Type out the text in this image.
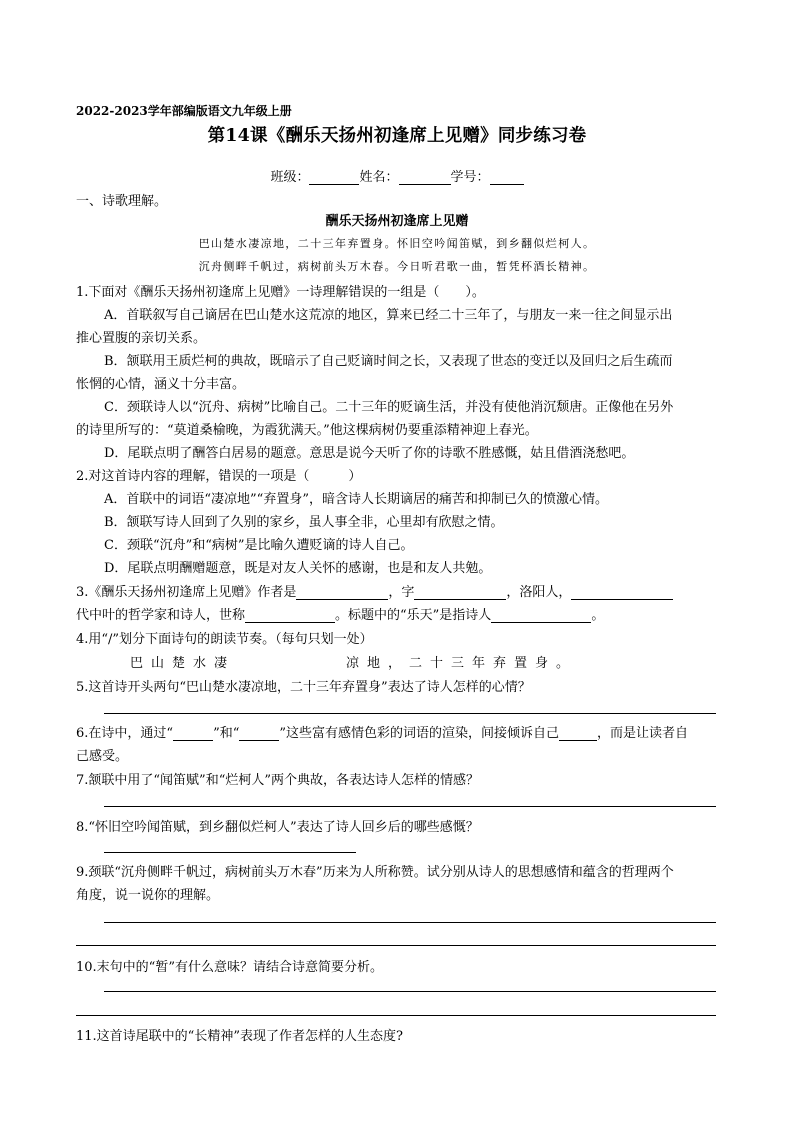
2022-2023学年部编版语文九年级上册
第14课《酬乐天扬州初逢席上见赠》同步练习卷
班级：	姓名：	学号：
一、诗歌理解。
酬乐天扬州初逢席上见赠
巴山楚水凄凉地，二十三年弃置身。怀旧空吟闻笛赋，到乡翻似烂柯人。
沉舟侧畔千帆过，病树前头万木春。今日听君歌一曲，暂凭杯酒长精神。
1.下面对《酬乐天扬州初逢席上见赠》一诗理解错误的一组是（　　）。
A．首联叙写自己谪居在巴山楚水这荒凉的地区，算来已经二十三年了，与朋友一来一往之间显示出
推心置腹的亲切关系。
B．颔联用王质烂柯的典故，既暗示了自己贬谪时间之长，又表现了世态的变迁以及回归之后生疏而
怅惘的心情，涵义十分丰富。
C．颈联诗人以“沉舟、病树”比喻自己。二十三年的贬谪生活，并没有使他消沉颓唐。正像他在另外
的诗里所写的：“莫道桑榆晚，为霞犹满天。”他这棵病树仍要重添精神迎上春光。
D．尾联点明了酬答白居易的题意。意思是说今天听了你的诗歌不胜感慨，姑且借酒浇愁吧。
2.对这首诗内容的理解，错误的一项是（　　　）
A．首联中的词语“凄凉地”“弃置身”，暗含诗人长期谪居的痛苦和抑制已久的愤激心情。
B．颔联写诗人回到了久别的家乡，虽人事全非，心里却有欣慰之情。
C．颈联“沉舟”和“病树”是比喻久遭贬谪的诗人自己。
D．尾联点明酬赠题意，既是对友人关怀的感谢，也是和友人共勉。
3.《酬乐天扬州初逢席上见赠》作者是	，字	，洛阳人，
代中叶的哲学家和诗人，世称	。标题中的“乐天”是指诗人	。
4.用“/”划分下面诗句的朗读节奏。（每句只划一处）
巴山楚水凄	凉地，二十三年弃置身。
5.这首诗开头两句“巴山楚水凄凉地，二十三年弃置身”表达了诗人怎样的心情？
6.在诗中，通过“	”和“	”这些富有感情色彩的词语的渲染，间接倾诉自己	，而是让读者自
己感受。
7.颔联中用了“闻笛赋”和“烂柯人”两个典故，各表达诗人怎样的情感？
8.“怀旧空吟闻笛赋，到乡翻似烂柯人”表达了诗人回乡后的哪些感慨？
9.颈联“沉舟侧畔千帆过，病树前头万木春”历来为人所称赞。试分别从诗人的思想感情和蕴含的哲理两个
角度，说一说你的理解。
10.末句中的“暂”有什么意味？请结合诗意简要分析。
11.这首诗尾联中的“长精神”表现了作者怎样的人生态度?
